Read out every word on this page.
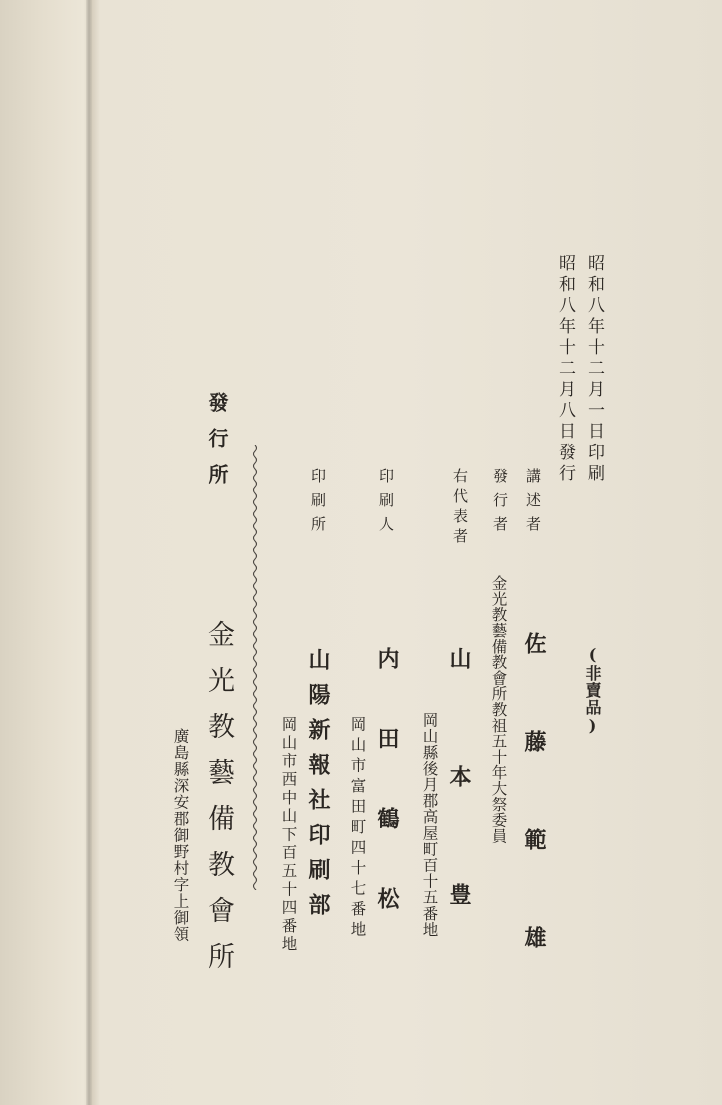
昭和八年十二月一日印刷
昭和八年十二月八日發行
(非賣品)
講述者
佐藤範雄
發行者
金光教藝備教會所教祖五十年大祭委員
右代表者
山本豊
岡山縣後月郡高屋町百十五番地
印刷人
内田鶴松
岡山市富田町四十七番地
印刷所
山陽新報社印刷部
岡山市西中山下百五十四番地
發行所
金光教藝備教會所
廣島縣深安郡御野村字上御領
